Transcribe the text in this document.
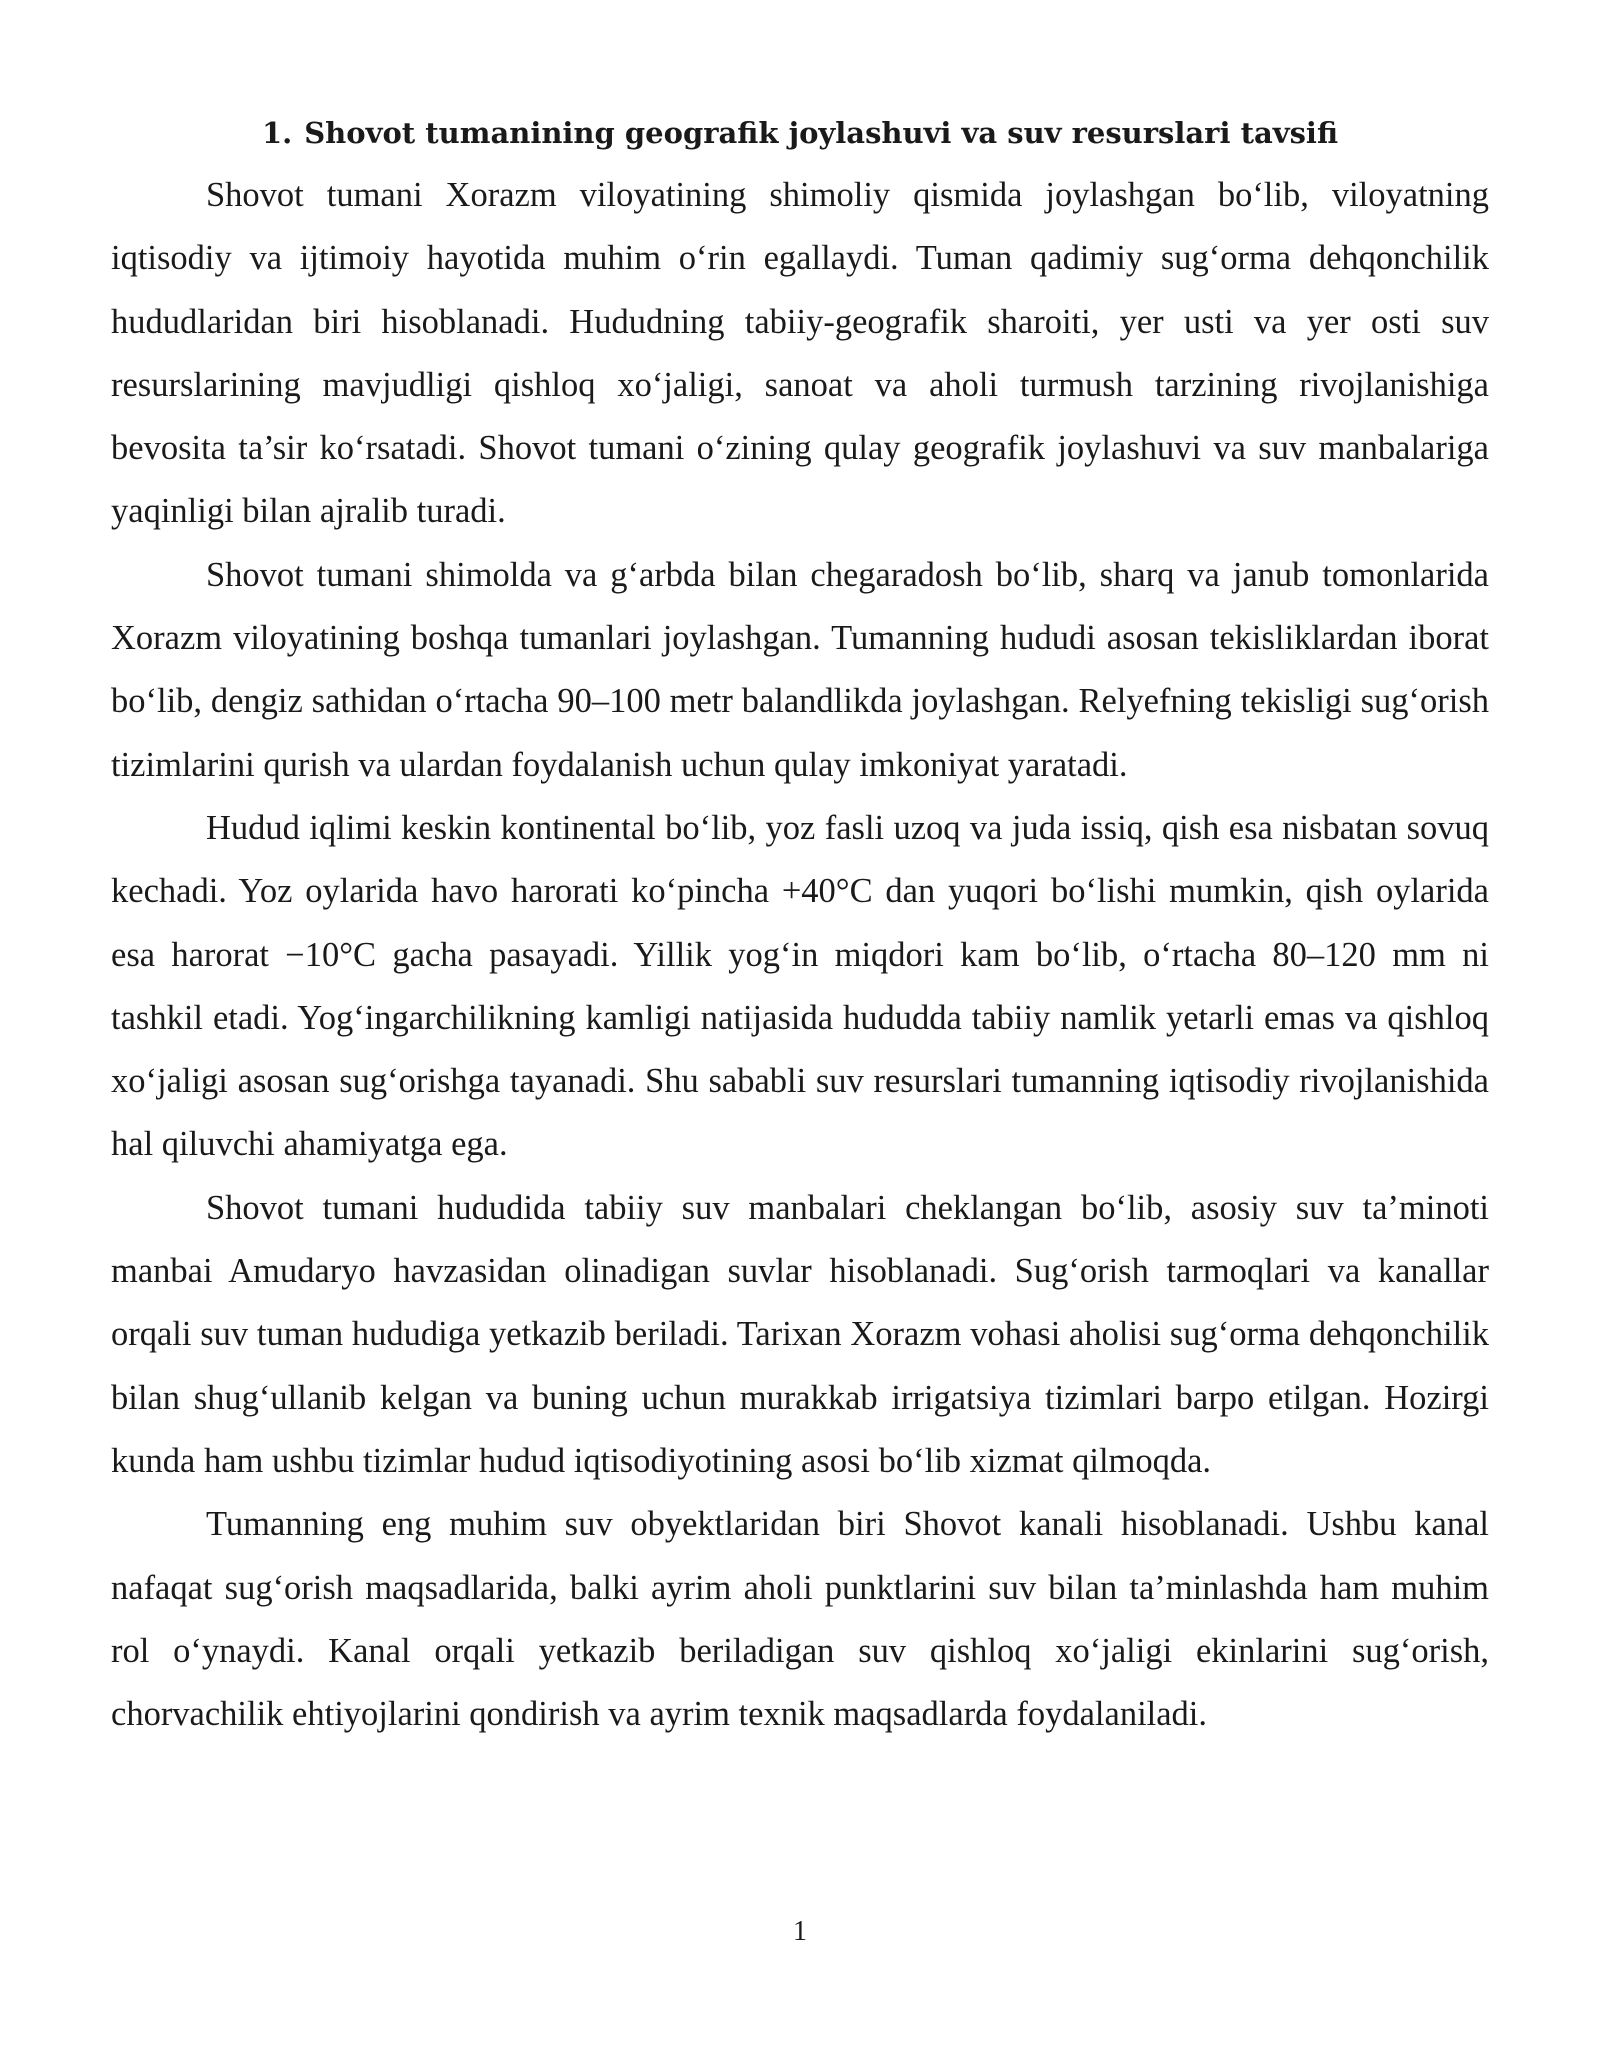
1. Shovot tumanining geografik joylashuvi va suv resurslari tavsifi

Shovot tumani Xorazm viloyatining shimoliy qismida joylashgan bo‘lib, viloyatning iqtisodiy va ijtimoiy hayotida muhim o‘rin egallaydi. Tuman qadimiy sug‘orma dehqonchilik hududlaridan biri hisoblanadi. Hududning tabiiy-geografik sharoiti, yer usti va yer osti suv resurslarining mavjudligi qishloq xo‘jaligi, sanoat va aholi turmush tarzining rivojlanishiga bevosita ta’sir ko‘rsatadi. Shovot tumani o‘zining qulay geografik joylashuvi va suv manbalariga yaqinligi bilan ajralib turadi.

Shovot tumani shimolda va g‘arbda bilan chegaradosh bo‘lib, sharq va janub tomonlarida Xorazm viloyatining boshqa tumanlari joylashgan. Tumanning hududi asosan tekisliklardan iborat bo‘lib, dengiz sathidan o‘rtacha 90–100 metr balandlikda joylashgan. Relyefning tekisligi sug‘orish tizimlarini qurish va ulardan foydalanish uchun qulay imkoniyat yaratadi.

Hudud iqlimi keskin kontinental bo‘lib, yoz fasli uzoq va juda issiq, qish esa nisbatan sovuq kechadi. Yoz oylarida havo harorati ko‘pincha +40°C dan yuqori bo‘lishi mumkin, qish oylarida esa harorat −10°C gacha pasayadi. Yillik yog‘in miqdori kam bo‘lib, o‘rtacha 80–120 mm ni tashkil etadi. Yog‘ingarchilikning kamligi natijasida hududda tabiiy namlik yetarli emas va qishloq xo‘jaligi asosan sug‘orishga tayanadi. Shu sababli suv resurslari tumanning iqtisodiy rivojlanishida hal qiluvchi ahamiyatga ega.

Shovot tumani hududida tabiiy suv manbalari cheklangan bo‘lib, asosiy suv ta’minoti manbai Amudaryo havzasidan olinadigan suvlar hisoblanadi. Sug‘orish tarmoqlari va kanallar orqali suv tuman hududiga yetkazib beriladi. Tarixan Xorazm vohasi aholisi sug‘orma dehqonchilik bilan shug‘ullanib kelgan va buning uchun murakkab irrigatsiya tizimlari barpo etilgan. Hozirgi kunda ham ushbu tizimlar hudud iqtisodiyotining asosi bo‘lib xizmat qilmoqda.

Tumanning eng muhim suv obyektlaridan biri Shovot kanali hisoblanadi. Ushbu kanal nafaqat sug‘orish maqsadlarida, balki ayrim aholi punktlarini suv bilan ta’minlashda ham muhim rol o‘ynaydi. Kanal orqali yetkazib beriladigan suv qishloq xo‘jaligi ekinlarini sug‘orish, chorvachilik ehtiyojlarini qondirish va ayrim texnik maqsadlarda foydalaniladi.

1
